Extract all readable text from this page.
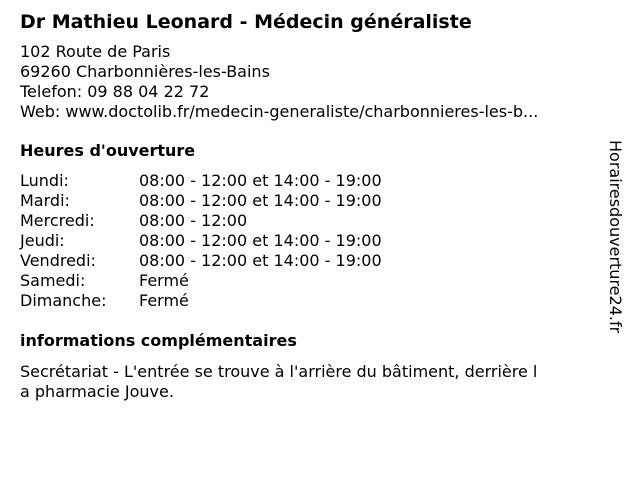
Dr Mathieu Leonard - Médecin généraliste
102 Route de Paris
69260 Charbonnières-les-Bains
Telefon: 09 88 04 22 72
Web: www.doctolib.fr/medecin-generaliste/charbonnieres-les-b...
Heures d'ouverture
Lundi:	08:00 - 12:00 et 14:00 - 19:00
Mardi:	08:00 - 12:00 et 14:00 - 19:00
Mercredi:	08:00 - 12:00
Jeudi:	08:00 - 12:00 et 14:00 - 19:00
Vendredi:	08:00 - 12:00 et 14:00 - 19:00
Samedi:	Fermé
Dimanche:	Fermé
informations complémentaires
Secrétariat - L'entrée se trouve à l'arrière du bâtiment, derrière la pharmacie Jouve.
Horairesdouverture24.fr
